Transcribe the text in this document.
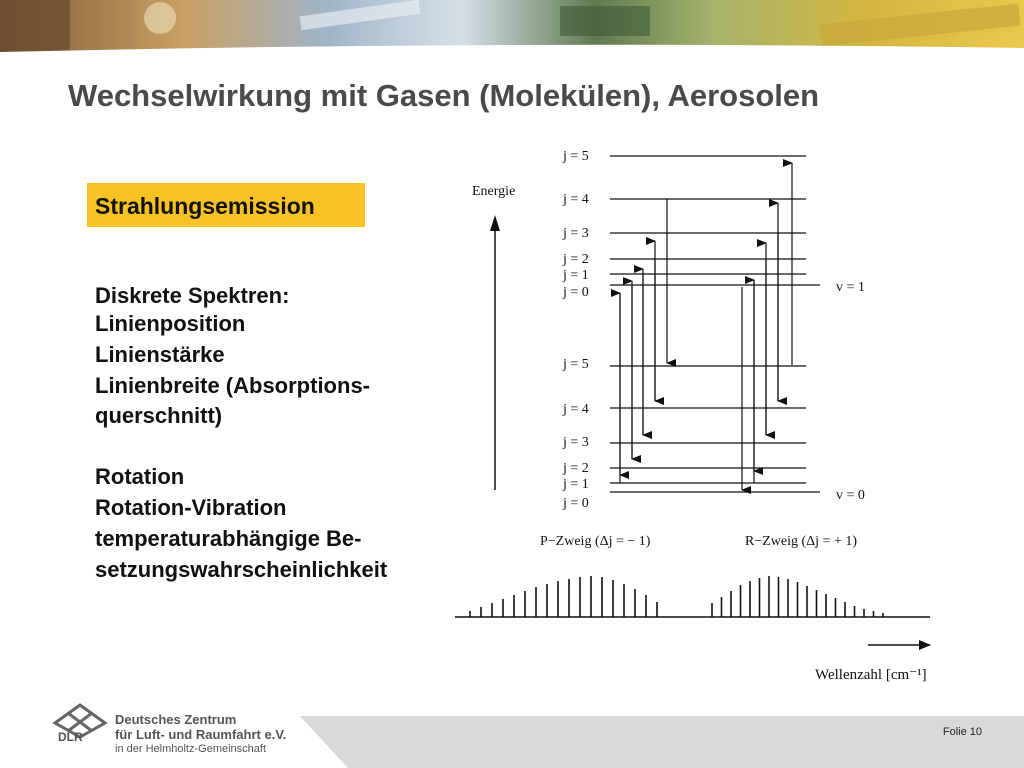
Wechselwirkung mit Gasen (Molekülen), Aerosolen
Strahlungsemission
Diskrete Spektren:
Linienposition
Linienstärke
Linienbreite (Absorptions-
querschnitt)
Rotation
Rotation-Vibration
temperaturabhängige Be-
setzungswahrscheinlichkeit
Energie
j = 5
j = 4
j = 3
j = 2
j = 1
j = 0	v = 1
j = 5
j = 4
j = 3
j = 2
j = 1
j = 0
v = 0
P−Zweig (Δj = − 1)	R−Zweig (Δj = + 1)
Wellenzahl [cm⁻¹]
DLR
Deutsches Zentrum
für Luft- und Raumfahrt e.V.
in der Helmholtz-Gemeinschaft
Folie 10
